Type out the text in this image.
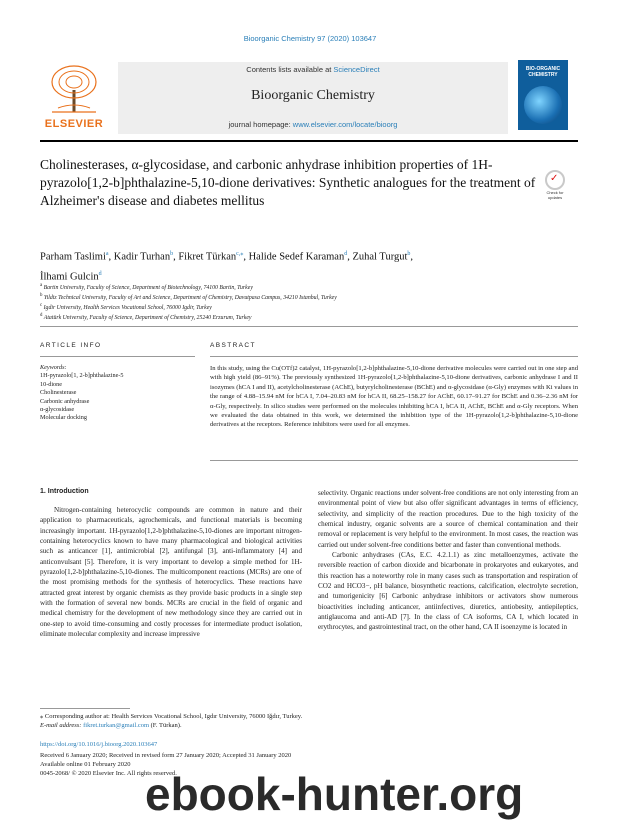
Bioorganic Chemistry 97 (2020) 103647
ELSEVIER
Contents lists available at ScienceDirect
Bioorganic Chemistry
journal homepage: www.elsevier.com/locate/bioorg
BIO-ORGANIC CHEMISTRY
Cholinesterases, α-glycosidase, and carbonic anhydrase inhibition properties of 1H-pyrazolo[1,2-b]phthalazine-5,10-dione derivatives: Synthetic analogues for the treatment of Alzheimer's disease and diabetes mellitus
✓
Check for updates
Parham Taslimi$^a$, Kadir Turhan$^b$, Fikret Türkan$^{c,⁎}$, Halide Sedef Karaman$^d$, Zuhal Turgut$^b$,
İlhami Gulcin$^d$
$^a$ Bartin University, Faculty of Science, Department of Biotechnology, 74100 Bartin, Turkey
$^b$ Yildiz Technical University, Faculty of Art and Science, Department of Chemistry, Davutpasa Campus, 34210 Istanbul, Turkey
$^c$ Igdir University, Health Services Vocational School, 76000 Igdir, Turkey
$^d$ Atatürk University, Faculty of Science, Department of Chemistry, 25240 Erzurum, Turkey
ARTICLE INFO	ABSTRACT
Keywords:
1H-pyrazolo[1, 2-b]phthalazine-5
10-dione
Cholinesterase
Carbonic anhydrase
α-glycosidase
Molecular docking
In this study, using the Cu(OTf)2 catalyst, 1H-pyrazolo[1,2-b]phthalazine-5,10-dione derivative molecules were carried out in one step and with high yield (86–91%). The previously synthesized 1H-pyrazolo[1,2-b]phthalazine-5,10-dione derivatives, carbonic anhydrase I and II isozymes (hCA I and II), acetylcholinesterase (AChE), butyrylcholinesterase (BChE) and α-glycosidase (α-Gly) enzymes with Ki values in the range of 4.88–15.94 nM for hCA I, 7.04–20.83 nM for hCA II, 68.25–158.27 for AChE, 60.17–91.27 for BChE and 0.36–2.36 nM for α-Gly, respectively. In silico studies were performed on the molecules inhibiting hCA I, hCA II, AChE, BChE and α-Gly receptors. When we evaluated the data obtained in this work, we determined the inhibition type of the 1H-pyrazolo[1,2-b]phthalazine-5,10-dione derivatives at the receptors. Reference inhibitors were used for all enzymes.
1. Introduction

Nitrogen-containing heterocyclic compounds are common in nature and their application to pharmaceuticals, agrochemicals, and functional materials is becoming increasingly important. 1H-pyrazolo[1,2-b]phthalazine-5,10-diones are important nitrogen-containing heterocyclics known to have many pharmacological and biological activities such as anticancer [1], antimicrobial [2], antifungal [3], anti-inflammatory [4] and anticonvulsant [5]. Therefore, it is very important to develop a simple method for 1H-pyrazolo[1,2-b]phthalazine-5,10-diones. The multicomponent reactions (MCRs) are one of the most promising methods for the synthesis of heterocyclics. These reactions have attracted great interest by organic chemists as they provide basic products in a single step with the formation of several new bonds. MCRs are crucial in the field of organic and medical chemistry for the development of new methodology since they are carried out in one-step to avoid time-consuming and costly processes for intermediate product isolation, eliminate molecular complexity and increase impressive

selectivity. Organic reactions under solvent-free conditions are not only interesting from an environmental point of view but also offer significant advantages in terms of efficiency, selectivity, and simplicity of the reaction procedures. Due to the high toxicity of the chemical industry, organic solvents are a source of chemical contamination and their removal or replacement is very helpful to the environment. In most cases, the reaction was carried out under solvent-free conditions better and faster than conventional methods.

Carbonic anhydrases (CAs, E.C. 4.2.1.1) as zinc metalloenzymes, activate the reversible reaction of carbon dioxide and bicarbonate in prokaryotes and eukaryotes, and this reaction has a noteworthy role in many cases such as transportation and respiration of CO2 and HCO3−, pH balance, biosynthetic reactions, calcification, electrolyte secretion, and tumorigenicity [6] Carbonic anhydrase inhibitors or activators show numerous bioactivities including anticancer, antiinfectives, diuretics, antiobesity, antiepileptics, antiglaucoma and anti-AD [7]. In the class of CA isoforms, CA I, which located in erythrocytes, and gastrointestinal tract, on the other hand, CA II isoenzyme is located in

⁎ Corresponding author at: Health Services Vocational School, Igdır University, 76000 Iğdır, Turkey.
E-mail address: fikret.turkan@gmail.com (F. Türkan).
https://doi.org/10.1016/j.bioorg.2020.103647
Received 6 January 2020; Received in revised form 27 January 2020; Accepted 31 January 2020
Available online 01 February 2020
0045-2068/ © 2020 Elsevier Inc. All rights reserved.
ebook-hunter.org
